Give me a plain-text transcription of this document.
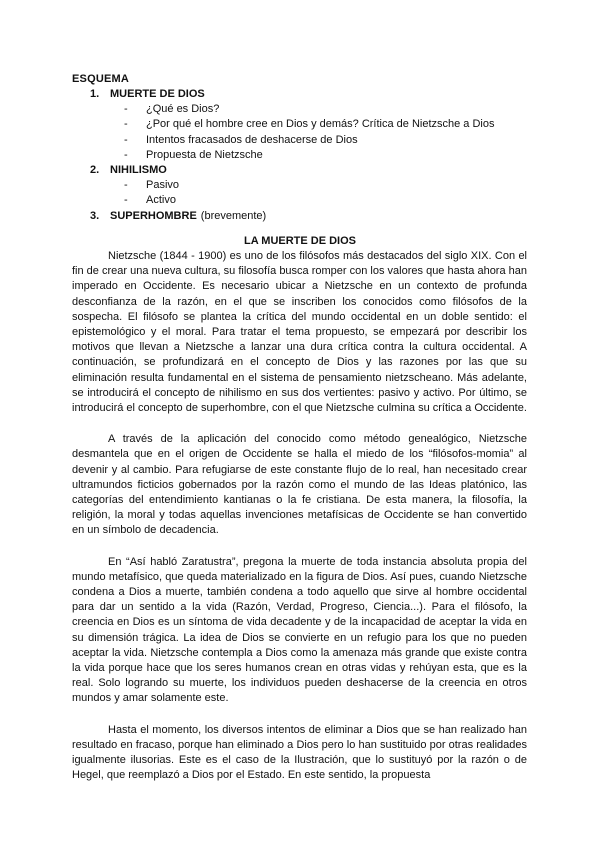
ESQUEMA
1. MUERTE DE DIOS
-	¿Qué es Dios?
-	¿Por qué el hombre cree en Dios y demás? Crítica de Nietzsche a Dios
-	Intentos fracasados de deshacerse de Dios
-	Propuesta de Nietzsche
2. NIHILISMO
-	Pasivo
-	Activo
3. SUPERHOMBRE (brevemente)
LA MUERTE DE DIOS

Nietzsche (1844 - 1900) es uno de los filósofos más destacados del siglo XIX. Con el fin de crear una nueva cultura, su filosofía busca romper con los valores que hasta ahora han imperado en Occidente. Es necesario ubicar a Nietzsche en un contexto de profunda desconfianza de la razón, en el que se inscriben los conocidos como filósofos de la sospecha. El filósofo se plantea la crítica del mundo occidental en un doble sentido: el epistemológico y el moral. Para tratar el tema propuesto, se empezará por describir los motivos que llevan a Nietzsche a lanzar una dura crítica contra la cultura occidental. A continuación, se profundizará en el concepto de Dios y las razones por las que su eliminación resulta fundamental en el sistema de pensamiento nietzscheano. Más adelante, se introducirá el concepto de nihilismo en sus dos vertientes: pasivo y activo. Por último, se introducirá el concepto de superhombre, con el que Nietzsche culmina su crítica a Occidente.

A través de la aplicación del conocido como método genealógico, Nietzsche desmantela que en el origen de Occidente se halla el miedo de los “filósofos-momia” al devenir y al cambio. Para refugiarse de este constante flujo de lo real, han necesitado crear ultramundos ficticios gobernados por la razón como el mundo de las Ideas platónico, las categorías del entendimiento kantianas o la fe cristiana. De esta manera, la filosofía, la religión, la moral y todas aquellas invenciones metafísicas de Occidente se han convertido en un símbolo de decadencia.

En “Así habló Zaratustra”, pregona la muerte de toda instancia absoluta propia del mundo metafísico, que queda materializado en la figura de Dios. Así pues, cuando Nietzsche condena a Dios a muerte, también condena a todo aquello que sirve al hombre occidental para dar un sentido a la vida (Razón, Verdad, Progreso, Ciencia...). Para el filósofo, la creencia en Dios es un síntoma de vida decadente y de la incapacidad de aceptar la vida en su dimensión trágica. La idea de Dios se convierte en un refugio para los que no pueden aceptar la vida. Nietzsche contempla a Dios como la amenaza más grande que existe contra la vida porque hace que los seres humanos crean en otras vidas y rehúyan esta, que es la real. Solo logrando su muerte, los individuos pueden deshacerse de la creencia en otros mundos y amar solamente este.

Hasta el momento, los diversos intentos de eliminar a Dios que se han realizado han resultado en fracaso, porque han eliminado a Dios pero lo han sustituido por otras realidades igualmente ilusorias. Este es el caso de la Ilustración, que lo sustituyó por la razón o de Hegel, que reemplazó a Dios por el Estado. En este sentido, la propuesta
